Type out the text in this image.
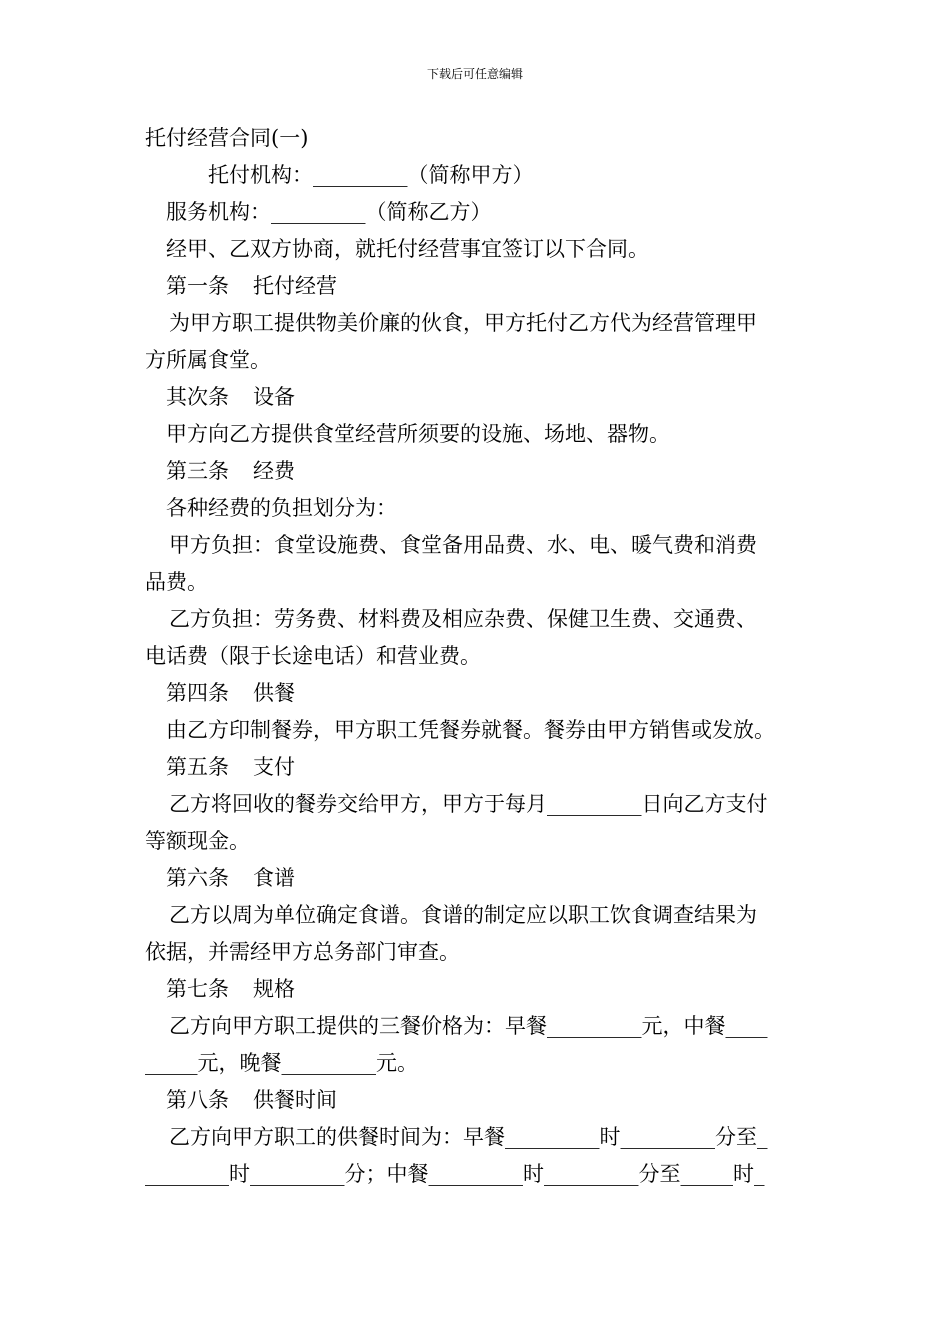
下载后可任意编辑
托付经营合同(一)
托付机构：_________（简称甲方）
服务机构：_________（简称乙方）
经甲、乙双方协商，就托付经营事宜签订以下合同。
第一条 托付经营
为甲方职工提供物美价廉的伙食，甲方托付乙方代为经营管理甲
方所属食堂。
其次条 设备
甲方向乙方提供食堂经营所须要的设施、场地、器物。
第三条 经费
各种经费的负担划分为：
甲方负担：食堂设施费、食堂备用品费、水、电、暖气费和消费
品费。
乙方负担：劳务费、材料费及相应杂费、保健卫生费、交通费、
电话费（限于长途电话）和营业费。
第四条 供餐
由乙方印制餐券，甲方职工凭餐券就餐。餐券由甲方销售或发放。
第五条 支付
乙方将回收的餐券交给甲方，甲方于每月_________日向乙方支付
等额现金。
第六条 食谱
乙方以周为单位确定食谱。食谱的制定应以职工饮食调查结果为
依据，并需经甲方总务部门审查。
第七条 规格
乙方向甲方职工提供的三餐价格为：早餐_________元，中餐____
_____元，晚餐_________元。
第八条 供餐时间
乙方向甲方职工的供餐时间为：早餐_________时_________分至_
________时_________分；中餐_________时_________分至_____时_
